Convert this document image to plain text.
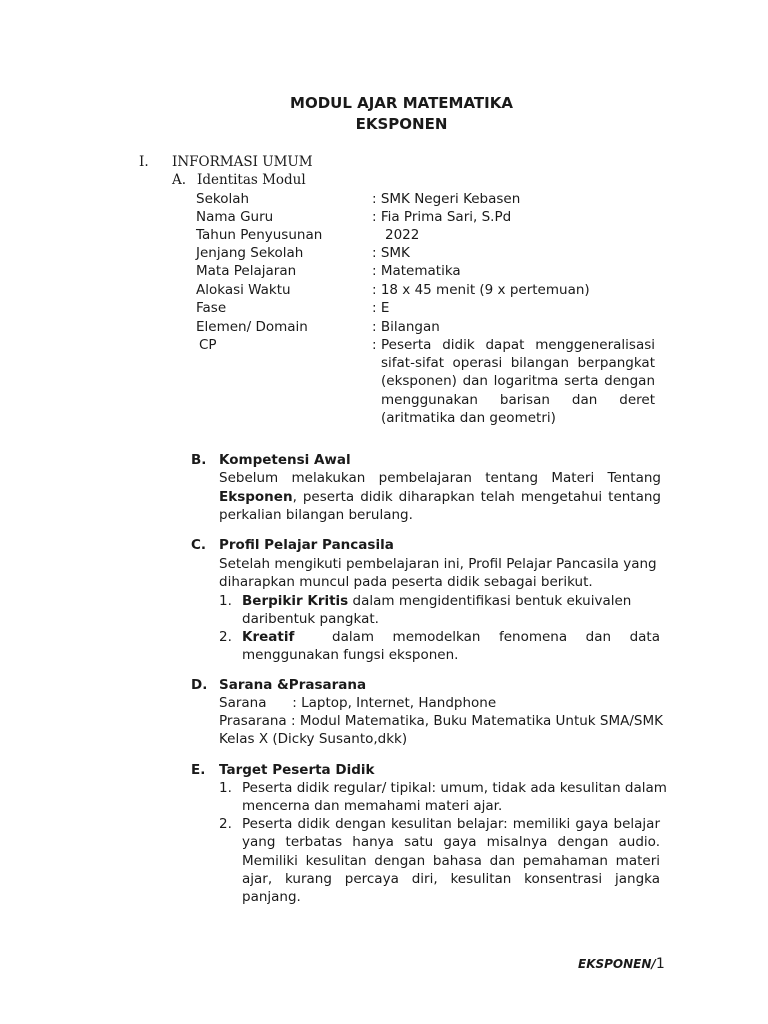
MODUL AJAR MATEMATIKA
EKSPONEN
I. INFORMASI UMUM
A. Identitas Modul
Sekolah	: SMK Negeri Kebasen
Nama Guru	: Fia Prima Sari, S.Pd
Tahun Penyusunan	2022
Jenjang Sekolah	: SMK
Mata Pelajaran	: Matematika
Alokasi Waktu	: 18 x 45 menit (9 x pertemuan)
Fase	: E
Elemen/ Domain	: Bilangan
CP	: Peserta didik dapat menggeneralisasi
sifat-sifat operasi bilangan berpangkat
(eksponen) dan logaritma serta dengan
menggunakan barisan dan deret
(aritmatika dan geometri)
B. Kompetensi Awal
Sebelum melakukan pembelajaran tentang Materi Tentang
Eksponen, peserta didik diharapkan telah mengetahui tentang
perkalian bilangan berulang.
C. Profil Pelajar Pancasila
Setelah mengikuti pembelajaran ini, Profil Pelajar Pancasila yang
diharapkan muncul pada peserta didik sebagai berikut.
1. Berpikir Kritis dalam mengidentifikasi bentuk ekuivalen
daribentuk pangkat.
2. Kreatif	dalam memodelkan fenomena dan data
menggunakan fungsi eksponen.
D. Sarana &Prasarana
Sarana      : Laptop, Internet, Handphone
Prasarana : Modul Matematika, Buku Matematika Untuk SMA/SMK
Kelas X (Dicky Susanto,dkk)
E. Target Peserta Didik
1. Peserta didik regular/ tipikal: umum, tidak ada kesulitan dalam
mencerna dan memahami materi ajar.
2. Peserta didik dengan kesulitan belajar: memiliki gaya belajar
yang terbatas hanya satu gaya misalnya dengan audio.
Memiliki kesulitan dengan bahasa dan pemahaman materi
ajar, kurang percaya diri, kesulitan konsentrasi jangka
panjang.
EKSPONEN/1
